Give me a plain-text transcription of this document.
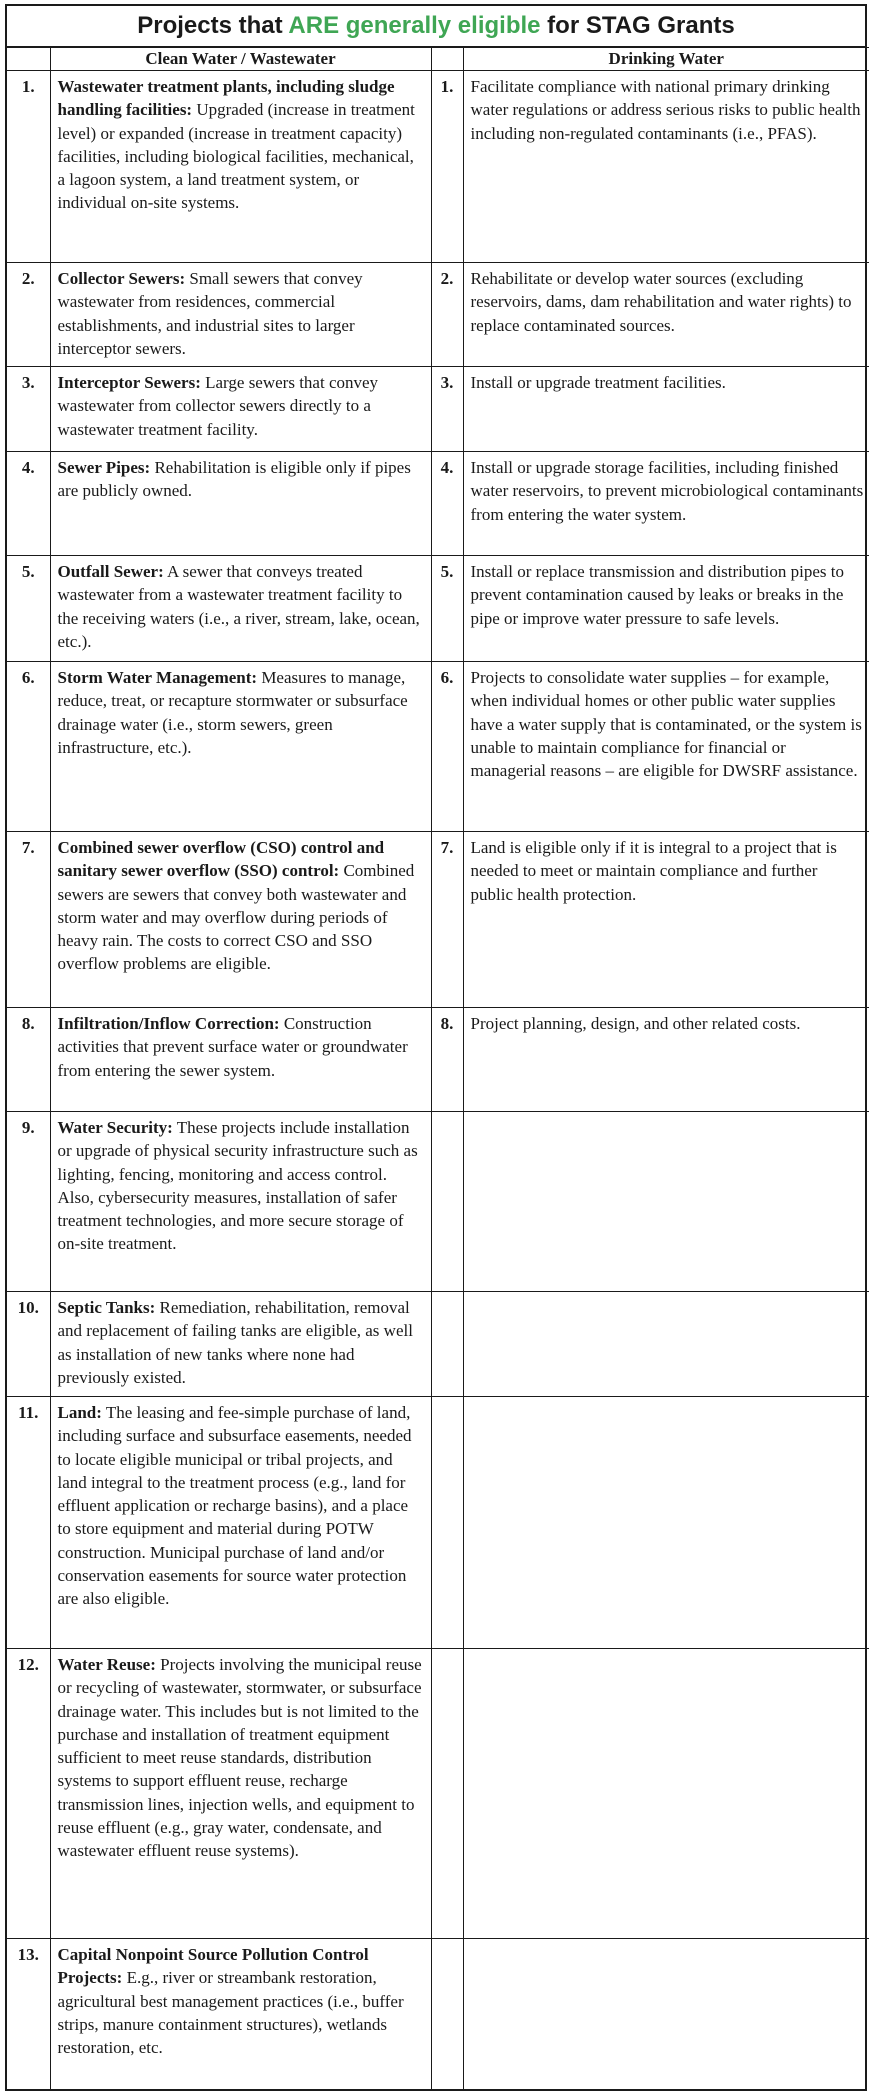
Projects that ARE generally eligible for STAG Grants
	Clean Water / Wastewater		Drinking Water
1.	Wastewater treatment plants, including sludge handling facilities: Upgraded (increase in treatment level) or expanded (increase in treatment capacity) facilities, including biological facilities, mechanical, a lagoon system, a land treatment system, or individual on-site systems.	1.	Facilitate compliance with national primary drinking water regulations or address serious risks to public health including non-regulated contaminants (i.e., PFAS).
2.	Collector Sewers: Small sewers that convey wastewater from residences, commercial establishments, and industrial sites to larger interceptor sewers.	2.	Rehabilitate or develop water sources (excluding reservoirs, dams, dam rehabilitation and water rights) to replace contaminated sources.
3.	Interceptor Sewers: Large sewers that convey wastewater from collector sewers directly to a wastewater treatment facility.	3.	Install or upgrade treatment facilities.
4.	Sewer Pipes: Rehabilitation is eligible only if pipes are publicly owned.	4.	Install or upgrade storage facilities, including finished water reservoirs, to prevent microbiological contaminants from entering the water system.
5.	Outfall Sewer: A sewer that conveys treated wastewater from a wastewater treatment facility to the receiving waters (i.e., a river, stream, lake, ocean, etc.).	5.	Install or replace transmission and distribution pipes to prevent contamination caused by leaks or breaks in the pipe or improve water pressure to safe levels.
6.	Storm Water Management: Measures to manage, reduce, treat, or recapture stormwater or subsurface drainage water (i.e., storm sewers, green infrastructure, etc.).	6.	Projects to consolidate water supplies – for example, when individual homes or other public water supplies have a water supply that is contaminated, or the system is unable to maintain compliance for financial or managerial reasons – are eligible for DWSRF assistance.
7.	Combined sewer overflow (CSO) control and sanitary sewer overflow (SSO) control: Combined sewers are sewers that convey both wastewater and storm water and may overflow during periods of heavy rain. The costs to correct CSO and SSO overflow problems are eligible.	7.	Land is eligible only if it is integral to a project that is needed to meet or maintain compliance and further public health protection.
8.	Infiltration/Inflow Correction: Construction activities that prevent surface water or groundwater from entering the sewer system.	8.	Project planning, design, and other related costs.
9.	Water Security: These projects include installation or upgrade of physical security infrastructure such as lighting, fencing, monitoring and access control. Also, cybersecurity measures, installation of safer treatment technologies, and more secure storage of on-site treatment.		
10.	Septic Tanks: Remediation, rehabilitation, removal and replacement of failing tanks are eligible, as well as installation of new tanks where none had previously existed.		
11.	Land: The leasing and fee-simple purchase of land, including surface and subsurface easements, needed to locate eligible municipal or tribal projects, and land integral to the treatment process (e.g., land for effluent application or recharge basins), and a place to store equipment and material during POTW construction. Municipal purchase of land and/or conservation easements for source water protection are also eligible.		
12.	Water Reuse: Projects involving the municipal reuse or recycling of wastewater, stormwater, or subsurface drainage water. This includes but is not limited to the purchase and installation of treatment equipment sufficient to meet reuse standards, distribution systems to support effluent reuse, recharge transmission lines, injection wells, and equipment to reuse effluent (e.g., gray water, condensate, and wastewater effluent reuse systems).		
13.	Capital Nonpoint Source Pollution Control Projects: E.g., river or streambank restoration, agricultural best management practices (i.e., buffer strips, manure containment structures), wetlands restoration, etc.		
